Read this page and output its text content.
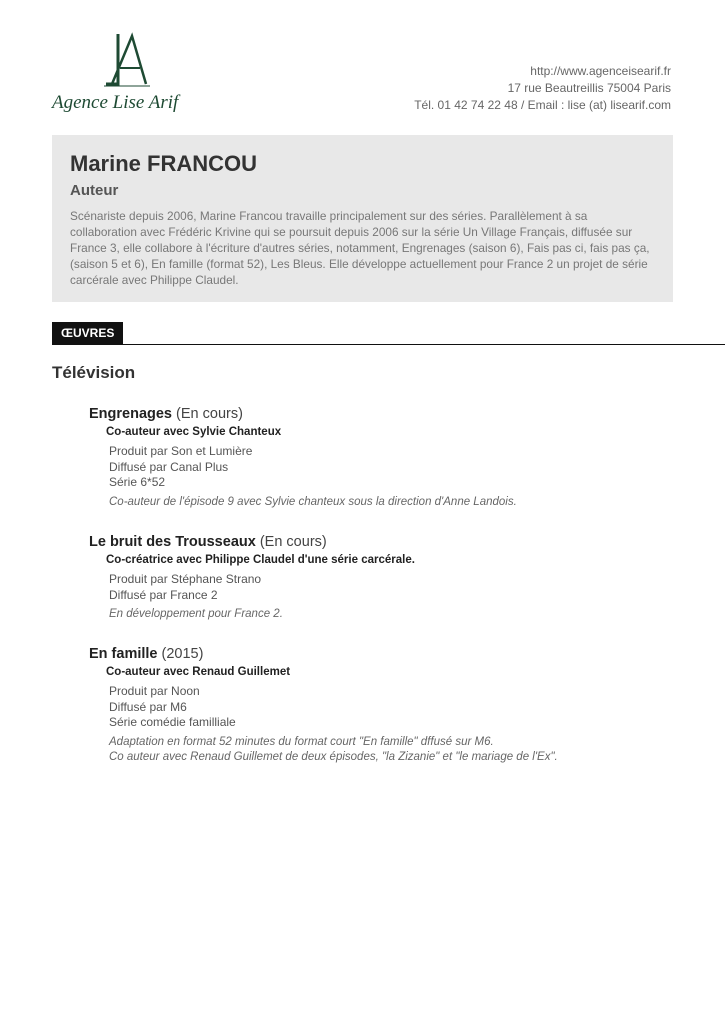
Agence Lise Arif
http://www.agenceisearif.fr
17 rue Beautreillis 75004 Paris
Tél. 01 42 74 22 48 / Email : lise (at) lisearif.com
Marine FRANCOU
Auteur
Scénariste depuis 2006, Marine Francou travaille principalement sur des séries. Parallèlement à sa collaboration avec Frédéric Krivine qui se poursuit depuis 2006 sur la série Un Village Français, diffusée sur France 3, elle collabore à l'écriture d'autres séries, notamment, Engrenages (saison 6), Fais pas ci, fais pas ça, (saison 5 et 6), En famille (format 52), Les Bleus. Elle développe actuellement pour France 2 un projet de série carcérale avec Philippe Claudel.
ŒUVRES
Télévision
Engrenages (En cours)
Co-auteur avec Sylvie Chanteux
Produit par Son et Lumière
Diffusé par Canal Plus
Série 6*52
Co-auteur de l'épisode 9 avec Sylvie chanteux sous la direction d'Anne Landois.
Le bruit des Trousseaux (En cours)
Co-créatrice avec Philippe Claudel d'une série carcérale.
Produit par Stéphane Strano
Diffusé par France 2
En développement pour France 2.
En famille (2015)
Co-auteur avec Renaud Guillemet
Produit par Noon
Diffusé par M6
Série comédie familliale
Adaptation en format 52 minutes du format court "En famille" dffusé sur M6.
Co auteur avec Renaud Guillemet de deux épisodes, "la Zizanie" et "le mariage de l'Ex".
